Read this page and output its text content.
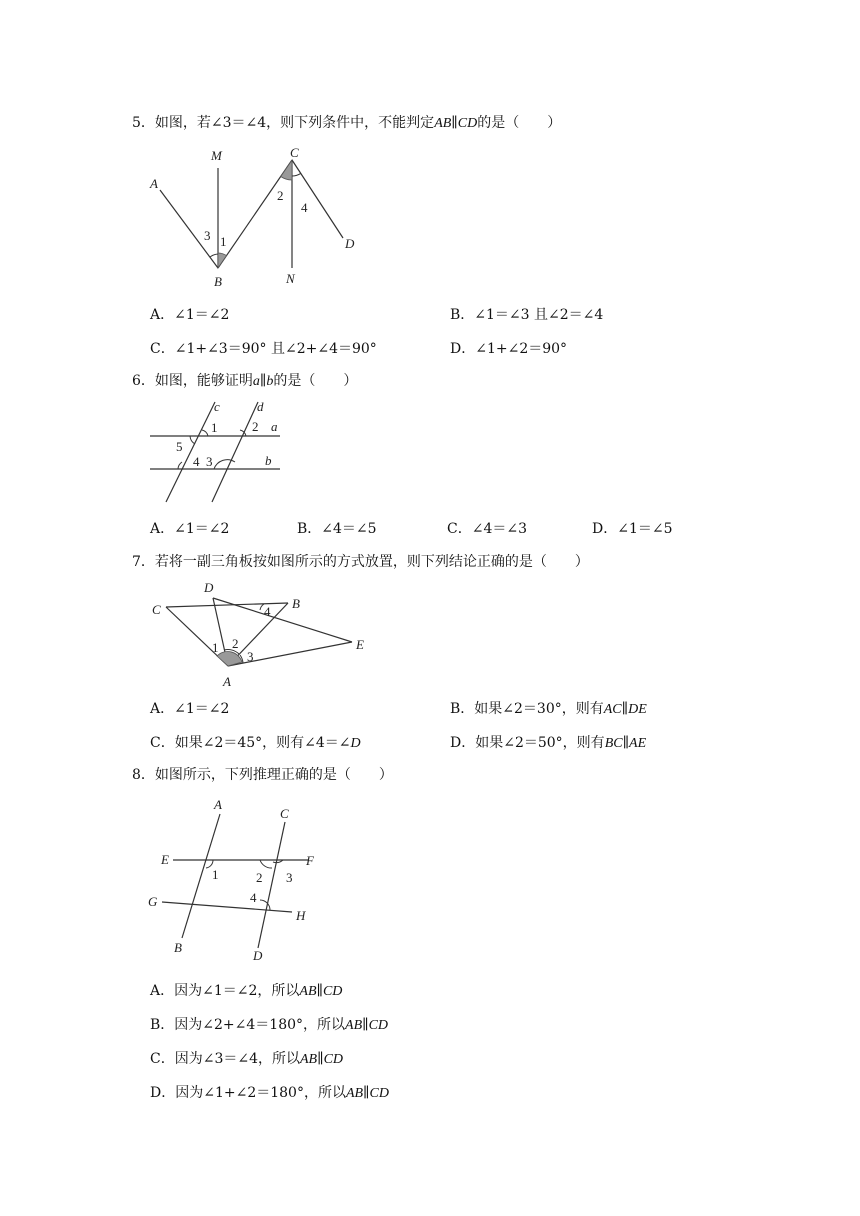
5．如图，若∠3＝∠4，则下列条件中，不能判定AB∥CD的是（　　）
A
M	C
D
B	N
1
2
3
4
A．∠1＝∠2	B．∠1＝∠3 且∠2＝∠4
C．∠1+∠3＝90° 且∠2+∠4＝90°	D．∠1+∠2＝90°
6．如图，能够证明a∥b的是（　　）
c	d
a
b
1	2
3
4
5
A．∠1＝∠2	B．∠4＝∠5	C．∠4＝∠3	D．∠1＝∠5
7．若将一副三角板按如图所示的方式放置，则下列结论正确的是（　　）
D
B
C
E
A
1 2
3
4
A．∠1＝∠2	B．如果∠2＝30°，则有AC∥DE
C．如果∠2＝45°，则有∠4＝∠D	D．如果∠2＝50°，则有BC∥AE
8．如图所示，下列推理正确的是（　　）
A
C
E	F
G
H
B
D
1	2 3
4
A．因为∠1＝∠2，所以AB∥CD
B．因为∠2+∠4＝180°，所以AB∥CD
C．因为∠3＝∠4，所以AB∥CD
D．因为∠1+∠2＝180°，所以AB∥CD
